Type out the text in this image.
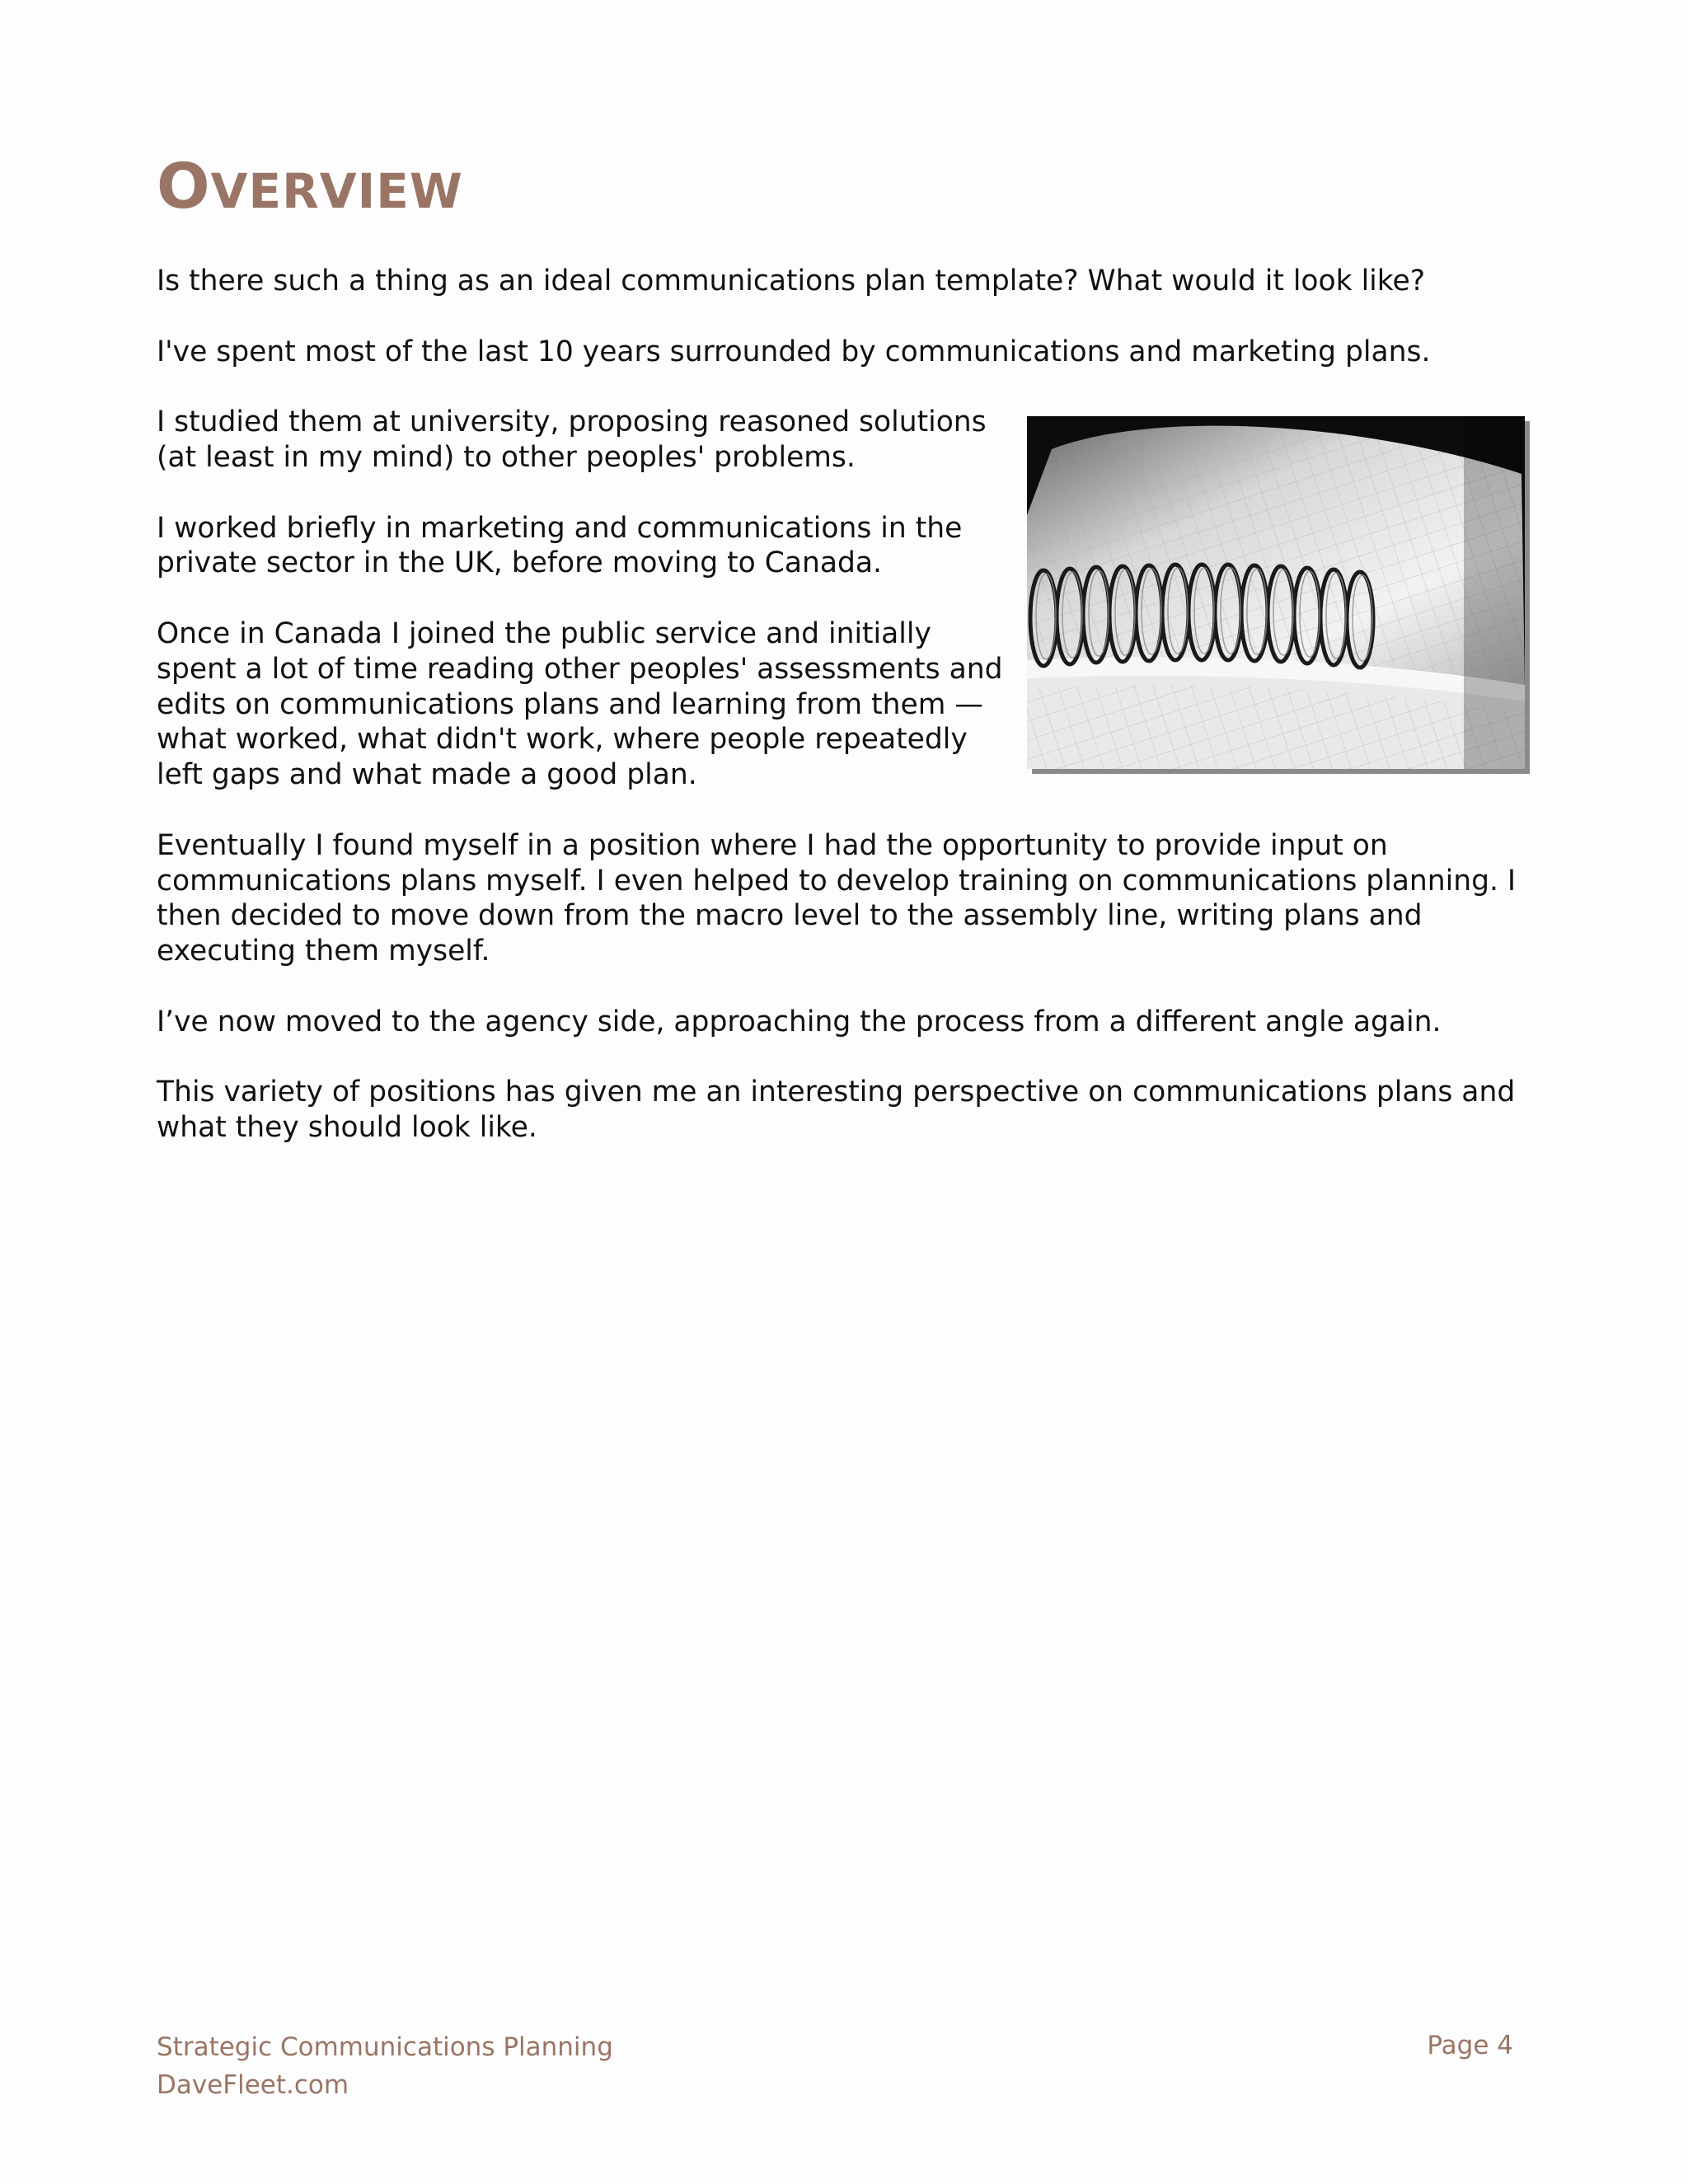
OVERVIEW

Is there such a thing as an ideal communications plan template? What would it look like?

I've spent most of the last 10 years surrounded by communications and marketing plans.

I studied them at university, proposing reasoned solutions (at least in my mind) to other peoples' problems.

I worked briefly in marketing and communications in the private sector in the UK, before moving to Canada.

Once in Canada I joined the public service and initially spent a lot of time reading other peoples' assessments and edits on communications plans and learning from them — what worked, what didn't work, where people repeatedly left gaps and what made a good plan.

Eventually I found myself in a position where I had the opportunity to provide input on communications plans myself. I even helped to develop training on communications planning. I then decided to move down from the macro level to the assembly line, writing plans and executing them myself.

I’ve now moved to the agency side, approaching the process from a different angle again.

This variety of positions has given me an interesting perspective on communications plans and what they should look like.

Strategic Communications Planning
DaveFleet.com
Page 4
